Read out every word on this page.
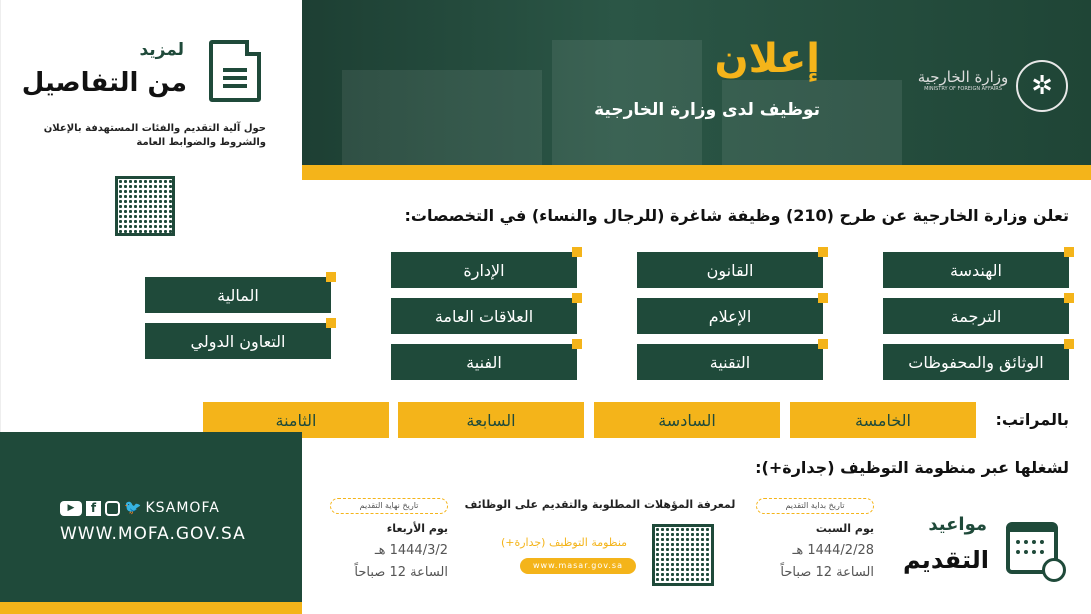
لمزيد
من التفاصيل
حول آلية التقديم والفئات المستهدفة بالإعلان والشروط والضوابط العامة
إعلان
توظيف لدى وزارة الخارجية
✲
وزارة الخارجية
MINISTRY OF FOREIGN AFFAIRS
تعلن وزارة الخارجية عن طرح (210) وظيفة شاغرة (للرجال والنساء) في التخصصات:
الهندسة
الترجمة
الوثائق والمحفوظات
القانون
الإعلام
التقنية
الإدارة
العلاقات العامة
الفنية
المالية
التعاون الدولي
بالمراتب:
الخامسة
السادسة
السابعة
الثامنة
▶	f	🐦 KSAMOFA
WWW.MOFA.GOV.SA
لشغلها عبر منظومة التوظيف (جدارة+):
مواعيد
التقديم
تاريخ بداية التقديم
يوم السبت
1444/2/28 هـ
الساعة 12 صباحاً
تاريخ نهاية التقديم
يوم الأربعاء
1444/3/2 هـ
الساعة 12 صباحاً
لمعرفة المؤهلات المطلوبة والتقديم على الوظائف
منظومة التوظيف (جدارة+)
www.masar.gov.sa
